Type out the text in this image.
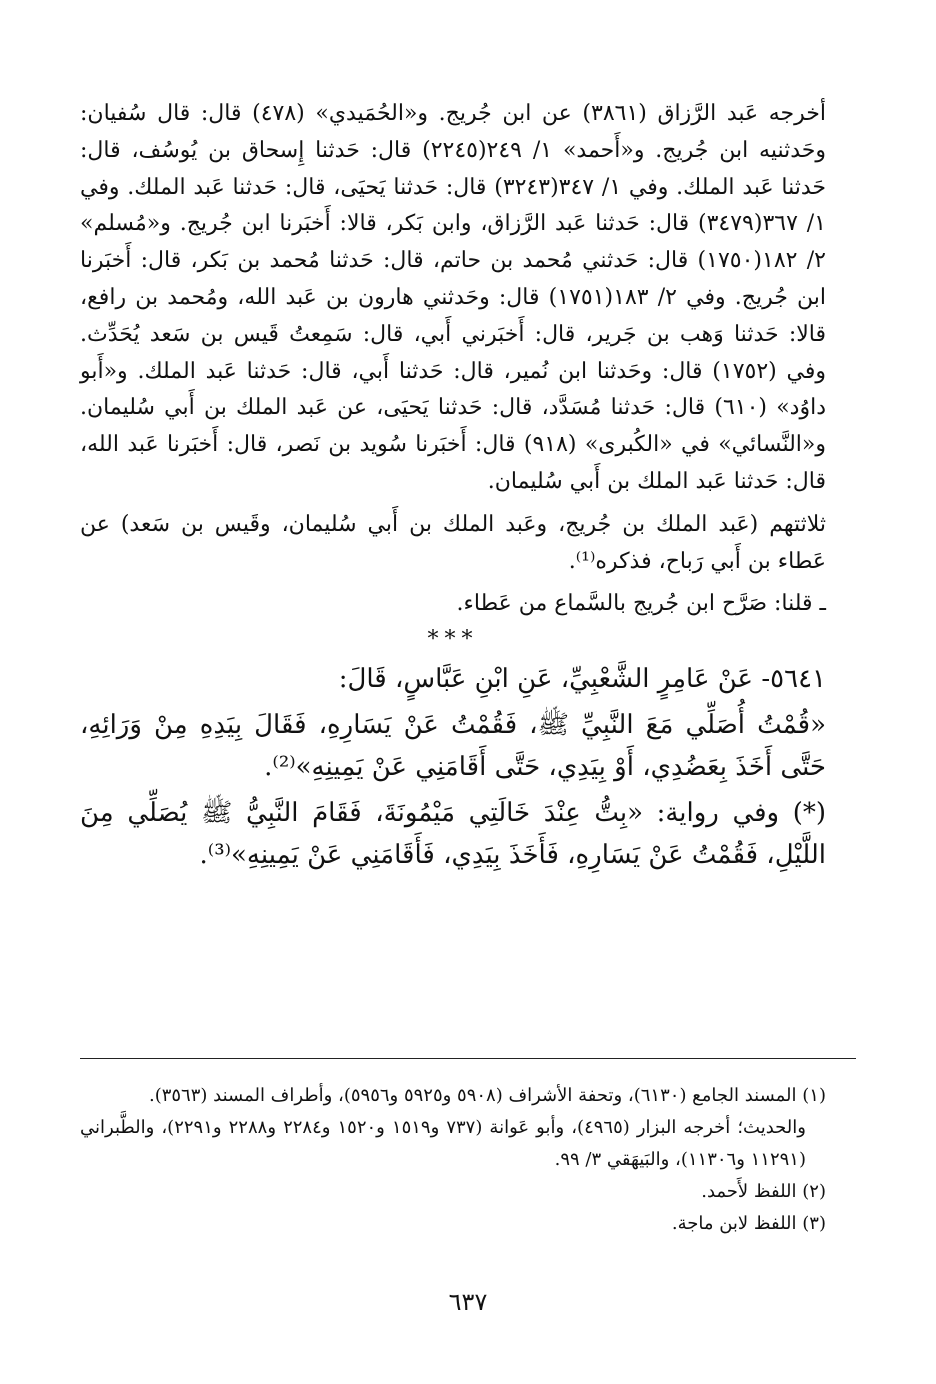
أخرجه عَبد الرَّزاق (٣٨٦١) عن ابن جُريج. و«الحُمَيدي» (٤٧٨) قال: قال سُفيان: وحَدثنيه ابن جُريج. و«أَحمد» ١/ ٢٤٩(٢٢٤٥) قال: حَدثنا إِسحاق بن يُوسُف، قال: حَدثنا عَبد الملك. وفي ١/ ٣٤٧(٣٢٤٣) قال: حَدثنا يَحيَى، قال: حَدثنا عَبد الملك. وفي ١/ ٣٦٧(٣٤٧٩) قال: حَدثنا عَبد الرَّزاق، وابن بَكر، قالا: أَخبَرنا ابن جُريج. و«مُسلم» ٢/ ١٨٢(١٧٥٠) قال: حَدثني مُحمد بن حاتم، قال: حَدثنا مُحمد بن بَكر، قال: أَخبَرنا ابن جُريج. وفي ٢/ ١٨٣(١٧٥١) قال: وحَدثني هارون بن عَبد الله، ومُحمد بن رافع، قالا: حَدثنا وَهب بن جَرير، قال: أَخبَرني أَبي، قال: سَمِعتُ قَيس بن سَعد يُحَدِّث. وفي (١٧٥٢) قال: وحَدثنا ابن نُمير، قال: حَدثنا أَبي، قال: حَدثنا عَبد الملك. و«أَبو داوُد» (٦١٠) قال: حَدثنا مُسَدَّد، قال: حَدثنا يَحيَى، عن عَبد الملك بن أَبي سُليمان. و«النَّسائي» في «الكُبرى» (٩١٨) قال: أَخبَرنا سُويد بن نَصر، قال: أَخبَرنا عَبد الله، قال: حَدثنا عَبد الملك بن أَبي سُليمان.

ثلاثتهم (عَبد الملك بن جُريج، وعَبد الملك بن أَبي سُليمان، وقَيس بن سَعد) عن عَطاء بن أَبي رَباح، فذكره⁽¹⁾.

ـ قلنا: صَرَّح ابن جُريج بالسَّماع من عَطاء.

***

٥٦٤١- عَنْ عَامِرٍ الشَّعْبِيِّ، عَنِ ابْنِ عَبَّاسٍ، قَالَ:

«قُمْتُ أُصَلِّي مَعَ النَّبِيِّ ﷺ، فَقُمْتُ عَنْ يَسَارِهِ، فَقَالَ بِيَدِهِ مِنْ وَرَائِهِ، حَتَّى أَخَذَ بِعَضُدِي، أَوْ بِيَدِي، حَتَّى أَقَامَنِي عَنْ يَمِينِهِ»⁽²⁾.

(*) وفي رواية: «بِتُّ عِنْدَ خَالَتِي مَيْمُونَةَ، فَقَامَ النَّبِيُّ ﷺ يُصَلِّي مِنَ اللَّيْلِ، فَقُمْتُ عَنْ يَسَارِهِ، فَأَخَذَ بِيَدِي، فَأَقَامَنِي عَنْ يَمِينِهِ»⁽³⁾.

(١) المسند الجامع (٦١٣٠)، وتحفة الأشراف (٥٩٠٨ و٥٩٢٥ و٥٩٥٦)، وأطراف المسند (٣٥٦٣).

والحديث؛ أخرجه البزار (٤٩٦٥)، وأبو عَوانة (٧٣٧ و١٥١٩ و١٥٢٠ و٢٢٨٤ و٢٢٨٨ و٢٢٩١)، والطَّبراني (١١٢٩١ و١١٣٠٦)، والبَيهَقي ٣/ ٩٩.

(٢) اللفظ لأَحمد.

(٣) اللفظ لابن ماجة.

٦٣٧
